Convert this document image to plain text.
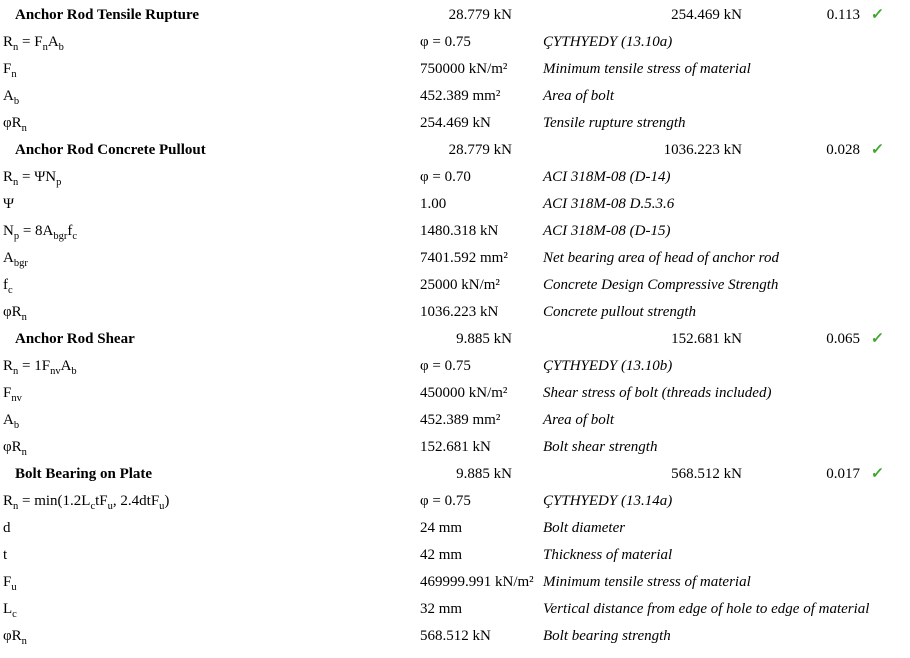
Anchor Rod Tensile Rupture	28.779 kN	254.469 kN	0.113 ✓
$R_n = F_nA_b$	φ = 0.75	ÇYTHYEDY (13.10a)
$F_n$	750000 kN/m² Minimum tensile stress of material
$A_b$	452.389 mm²	Area of bolt
$\varphi R_n$	254.469 kN	Tensile rupture strength
Anchor Rod Concrete Pullout	28.779 kN	1036.223 kN	0.028 ✓
$R_n = \Psi N_p$	φ = 0.70	ACI 318M-08 (D-14)
Ψ	1.00	ACI 318M-08 D.5.3.6
$N_p = 8A_{bgr}f_c$	1480.318 kN	ACI 318M-08 (D-15)
$A_{bgr}$	7401.592 mm² Net bearing area of head of anchor rod
$f_c$	25000 kN/m²	Concrete Design Compressive Strength
$\varphi R_n$	1036.223 kN	Concrete pullout strength
Anchor Rod Shear	9.885 kN	152.681 kN	0.065 ✓
$R_n = 1F_{nv}A_b$	φ = 0.75	ÇYTHYEDY (13.10b)
$F_{nv}$	450000 kN/m² Shear stress of bolt (threads included)
$A_b$	452.389 mm²	Area of bolt
$\varphi R_n$	152.681 kN	Bolt shear strength
Bolt Bearing on Plate	9.885 kN	568.512 kN	0.017 ✓
$R_n = \min(1.2L_ctF_u$, 2.4dtF$_u$)	φ = 0.75	ÇYTHYEDY (13.14a)
d	24 mm	Bolt diameter
t	42 mm	Thickness of material
$F_u$	469999.991 kN/m² Minimum tensile stress of material
$L_c$	32 mm	Vertical distance from edge of hole to edge of material
$\varphi R_n$	568.512 kN	Bolt bearing strength
